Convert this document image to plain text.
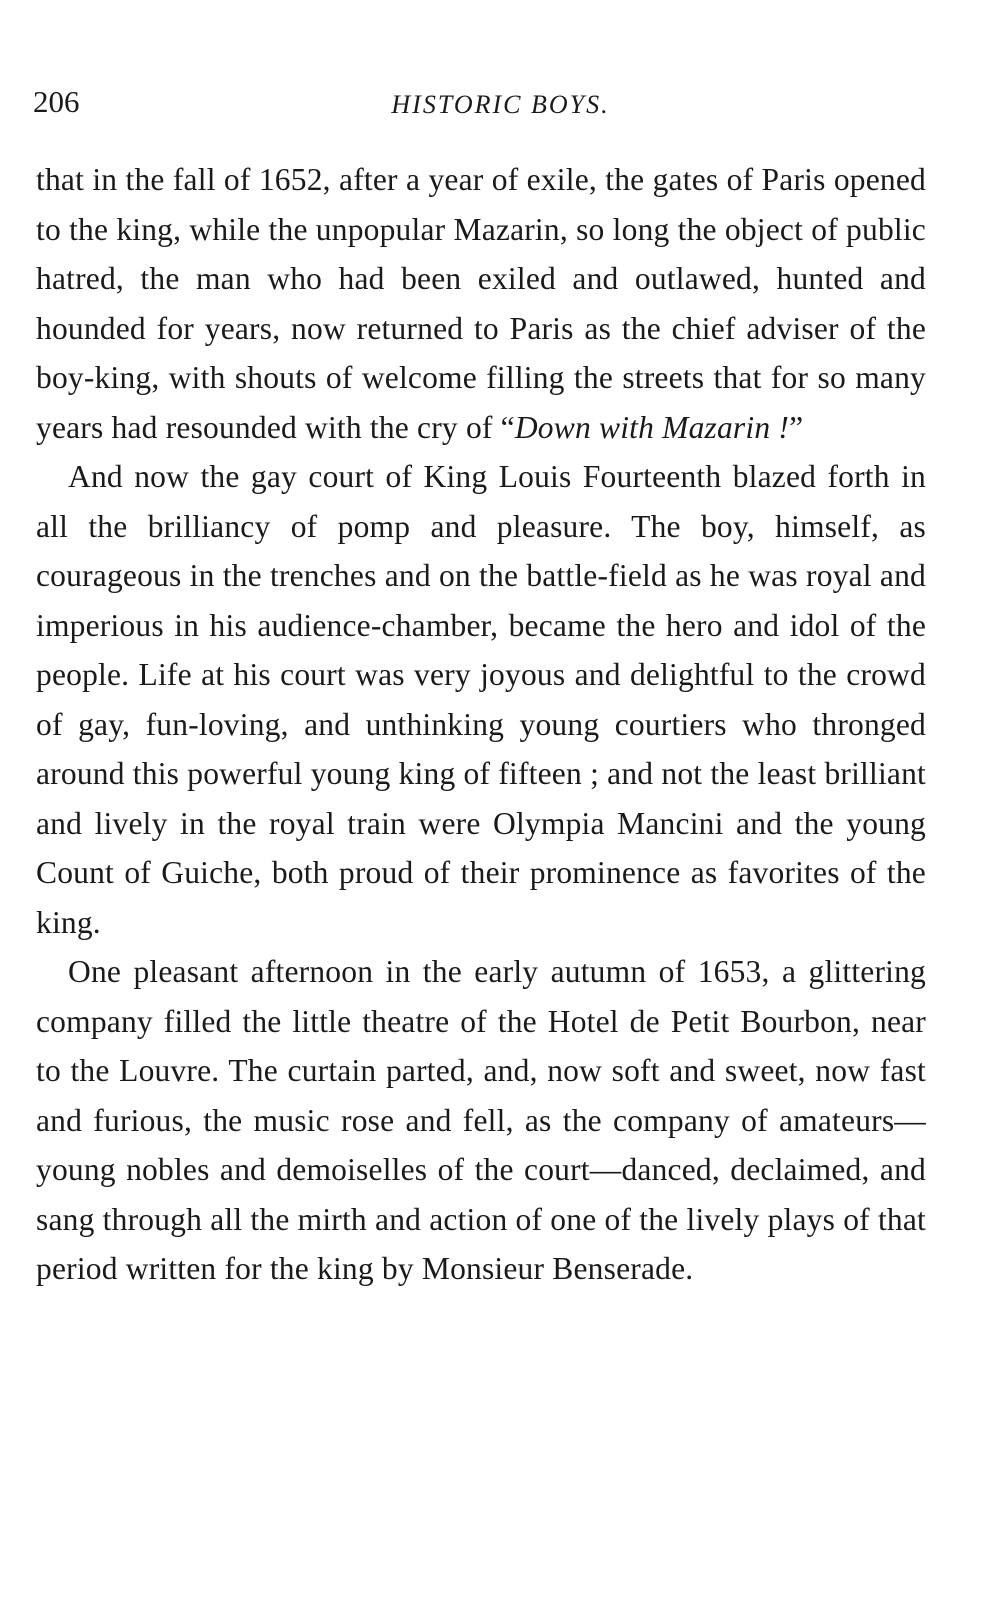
206	HISTORIC BOYS.

that in the fall of 1652, after a year of exile, the gates of Paris opened to the king, while the unpopular Mazarin, so long the object of public hatred, the man who had been exiled and outlawed, hunted and hounded for years, now returned to Paris as the chief adviser of the boy-king, with shouts of welcome filling the streets that for so many years had resounded with the cry of “Down with Mazarin !”

And now the gay court of King Louis Fourteenth blazed forth in all the brilliancy of pomp and pleasure. The boy, himself, as courageous in the trenches and on the battle-field as he was royal and imperious in his audience-chamber, became the hero and idol of the people. Life at his court was very joyous and delightful to the crowd of gay, fun-loving, and unthinking young courtiers who thronged around this powerful young king of fifteen ; and not the least brilliant and lively in the royal train were Olympia Mancini and the young Count of Guiche, both proud of their prominence as favorites of the king.

One pleasant afternoon in the early autumn of 1653, a glittering company filled the little theatre of the Hotel de Petit Bourbon, near to the Louvre. The curtain parted, and, now soft and sweet, now fast and furious, the music rose and fell, as the company of amateurs—young nobles and demoiselles of the court—danced, declaimed, and sang through all the mirth and action of one of the lively plays of that period written for the king by Monsieur Benserade.
